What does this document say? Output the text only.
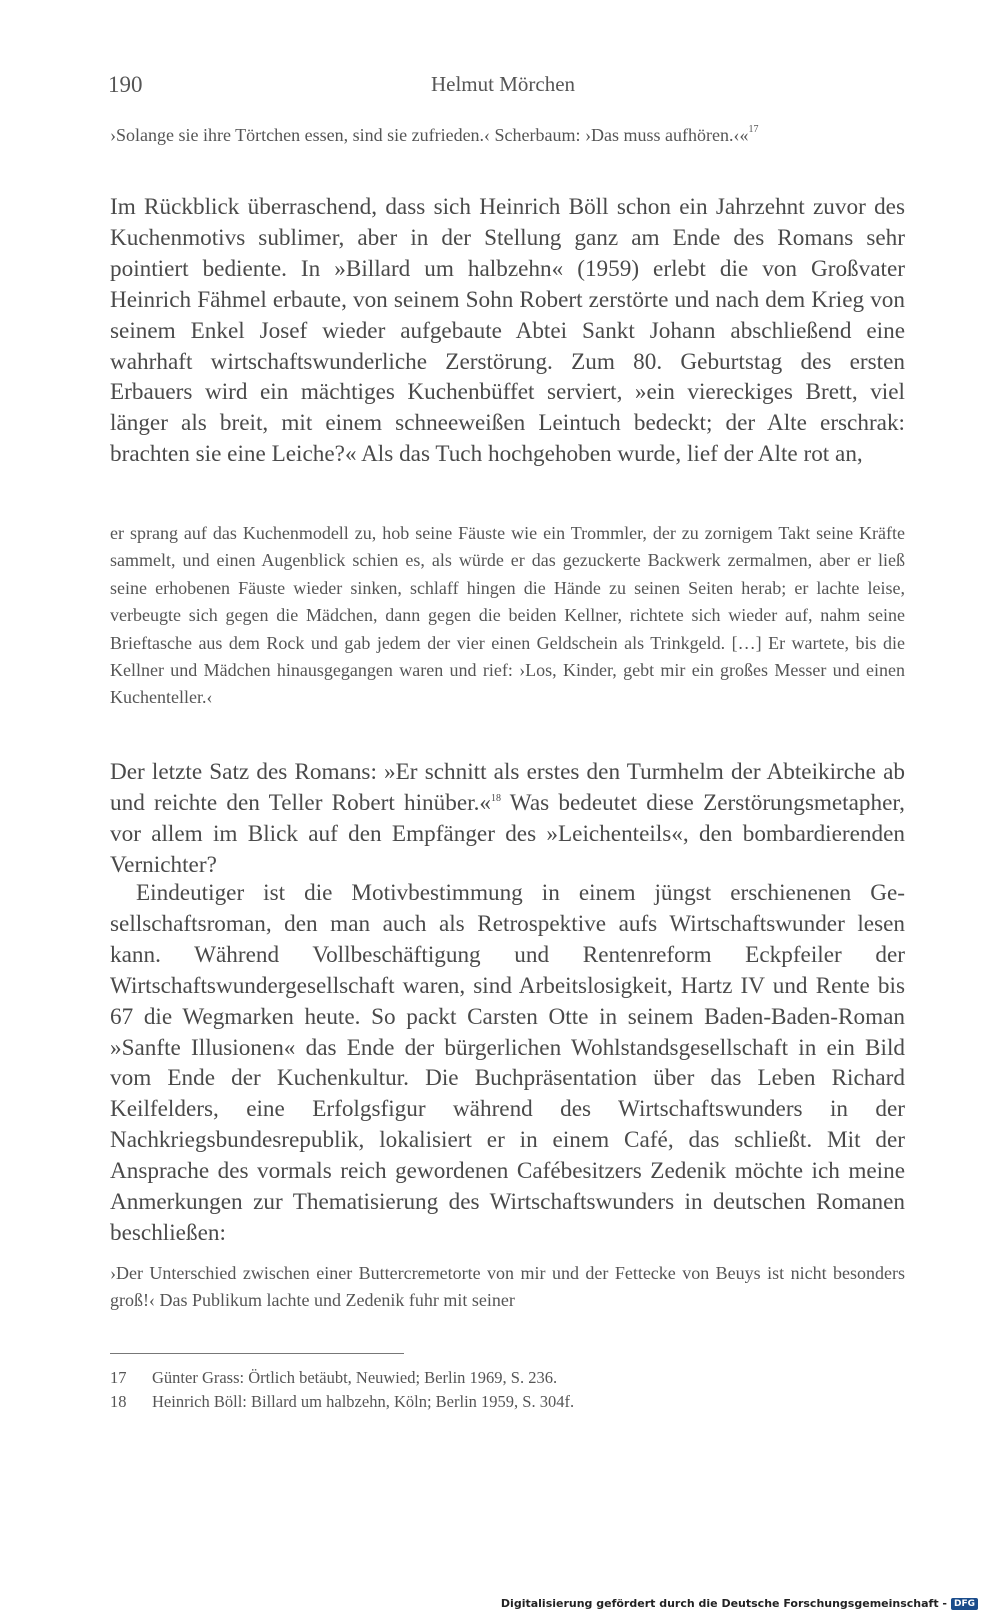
190	Helmut Mörchen

›Solange sie ihre Törtchen essen, sind sie zufrieden.‹ Scherbaum: ›Das muss aufhören.‹«$^{17}$

Im Rückblick überraschend, dass sich Heinrich Böll schon ein Jahrzehnt zuvor des Kuchenmotivs sublimer, aber in der Stellung ganz am Ende des Romans sehr pointiert bediente. In »Billard um halbzehn« (1959) erlebt die von Großvater Heinrich Fähmel erbaute, von seinem Sohn Robert zerstörte und nach dem Krieg von seinem Enkel Josef wieder aufgebaute Abtei Sankt Johann abschließend eine wahrhaft wirtschaftswunderliche Zerstörung. Zum 80. Geburtstag des ersten Erbauers wird ein mächtiges Kuchenbüffet serviert, »ein viereckiges Brett, viel länger als breit, mit einem schneeweißen Leintuch bedeckt; der Alte erschrak: brachten sie eine Leiche?« Als das Tuch hochgehoben wurde, lief der Alte rot an,

er sprang auf das Kuchenmodell zu, hob seine Fäuste wie ein Trommler, der zu zornigem Takt seine Kräfte sammelt, und einen Augenblick schien es, als würde er das gezuckerte Backwerk zermalmen, aber er ließ seine erhobenen Fäuste wieder sinken, schlaff hingen die Hände zu seinen Seiten herab; er lachte leise, verbeugte sich gegen die Mädchen, dann gegen die beiden Kellner, richtete sich wieder auf, nahm seine Brieftasche aus dem Rock und gab jedem der vier einen Geldschein als Trinkgeld. […] Er wartete, bis die Kellner und Mädchen hinausgegangen waren und rief: ›Los, Kinder, gebt mir ein großes Messer und einen Kuchenteller.‹

Der letzte Satz des Romans: »Er schnitt als erstes den Turmhelm der Abteikirche ab und reichte den Teller Robert hinüber.«$^{18}$ Was bedeutet diese Zerstörungsmetapher, vor allem im Blick auf den Empfänger des »Leichenteils«, den bombardierenden Vernichter?

Eindeutiger ist die Motivbestimmung in einem jüngst erschienenen Gesellschaftsroman, den man auch als Retrospektive aufs Wirtschaftswunder lesen kann. Während Vollbeschäftigung und Rentenreform Eckpfeiler der Wirtschaftswundergesellschaft waren, sind Arbeitslosigkeit, Hartz IV und Rente bis 67 die Wegmarken heute. So packt Carsten Otte in seinem Baden-Baden-Roman »Sanfte Illusionen« das Ende der bürgerlichen Wohlstandsgesellschaft in ein Bild vom Ende der Kuchenkultur. Die Buchpräsentation über das Leben Richard Keilfelders, eine Erfolgsfigur während des Wirtschaftswunders in der Nachkriegsbundesrepublik, lokalisiert er in einem Café, das schließt. Mit der Ansprache des vormals reich gewordenen Cafébesitzers Zedenik möchte ich meine Anmerkungen zur Thematisierung des Wirtschaftswunders in deutschen Romanen beschließen:

›Der Unterschied zwischen einer Buttercremetorte von mir und der Fettecke von Beuys ist nicht besonders groß!‹ Das Publikum lachte und Zedenik fuhr mit seiner

17	Günter Grass: Örtlich betäubt, Neuwied; Berlin 1969, S. 236.
18	Heinrich Böll: Billard um halbzehn, Köln; Berlin 1959, S. 304f.
Digitalisierung gefördert durch die Deutsche Forschungsgemeinschaft - DFG
